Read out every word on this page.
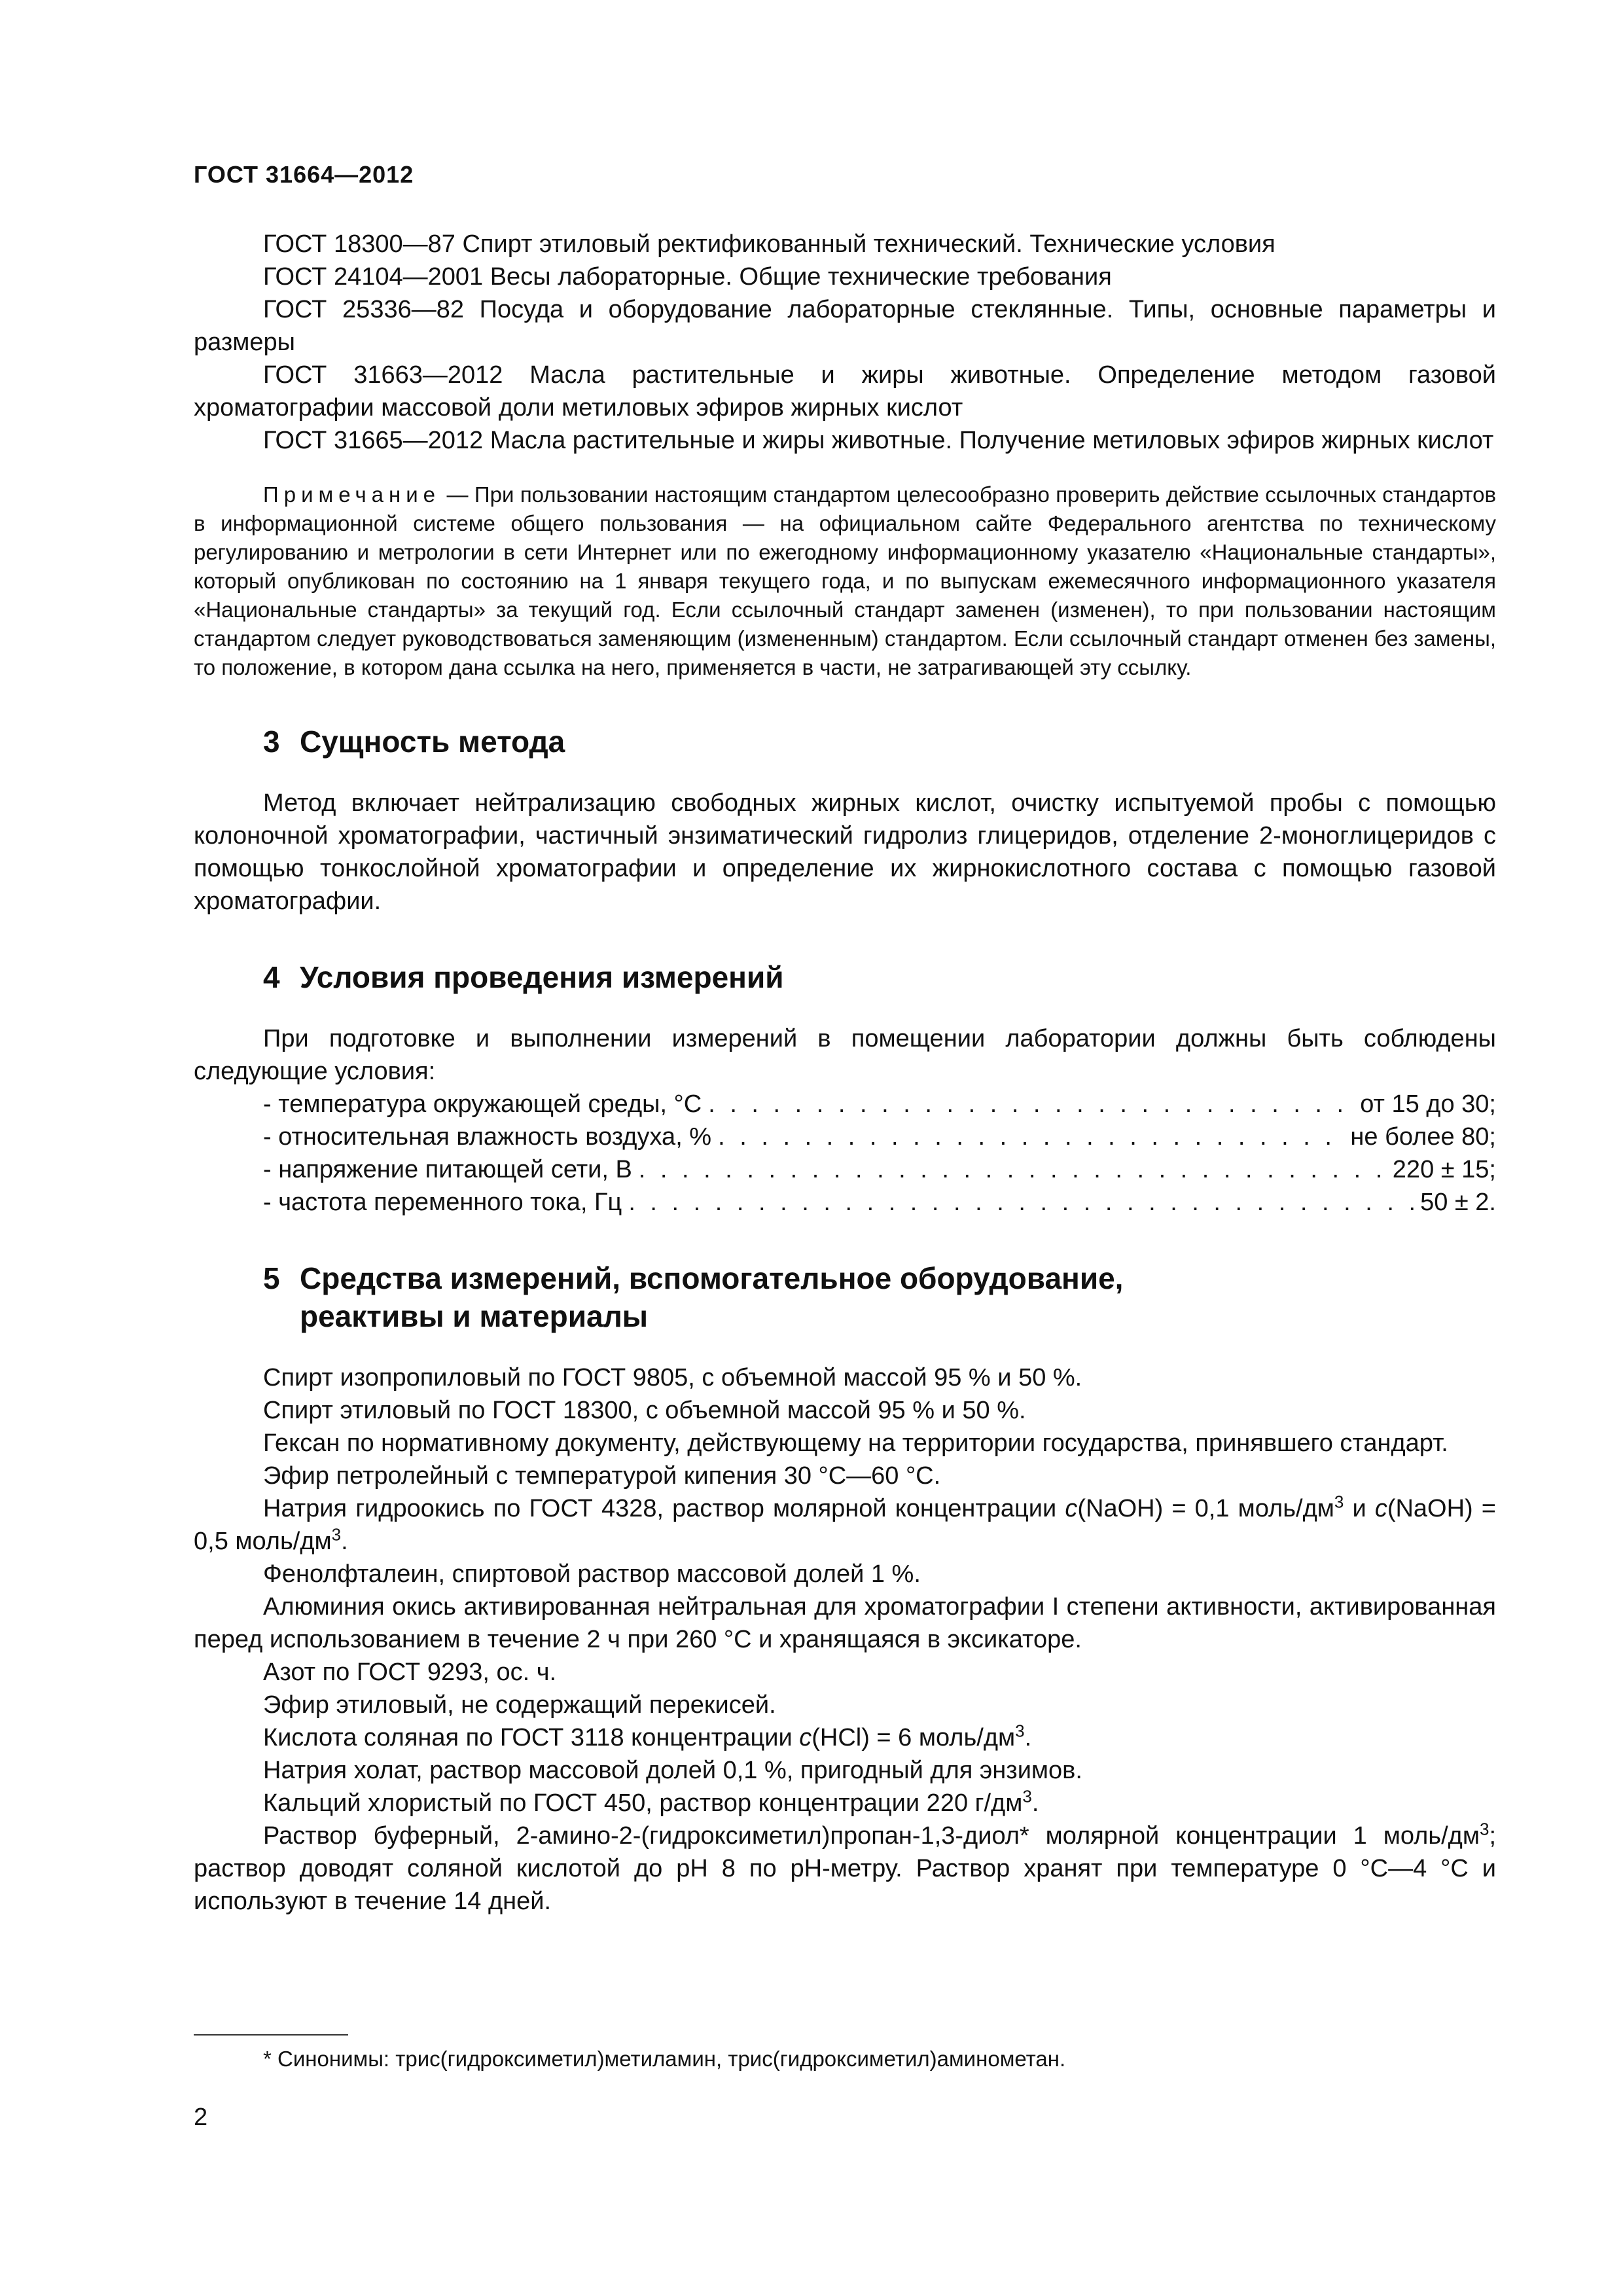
ГОСТ 31664—2012

ГОСТ 18300—87 Спирт этиловый ректификованный технический. Технические условия

ГОСТ 24104—2001 Весы лабораторные. Общие технические требования

ГОСТ 25336—82 Посуда и оборудование лабораторные стеклянные. Типы, основные параметры и размеры

ГОСТ 31663—2012 Масла растительные и жиры животные. Определение методом газовой хроматографии массовой доли метиловых эфиров жирных кислот

ГОСТ 31665—2012 Масла растительные и жиры животные. Получение метиловых эфиров жирных кислот

Примечание — При пользовании настоящим стандартом целесообразно проверить действие ссылочных стандартов в информационной системе общего пользования — на официальном сайте Федерального агентства по техническому регулированию и метрологии в сети Интернет или по ежегодному информационному указателю «Национальные стандарты», который опубликован по состоянию на 1 января текущего года, и по выпускам ежемесячного информационного указателя «Национальные стандарты» за текущий год. Если ссылочный стандарт заменен (изменен), то при пользовании настоящим стандартом следует руководствоваться заменяющим (измененным) стандартом. Если ссылочный стандарт отменен без замены, то положение, в котором дана ссылка на него, применяется в части, не затрагивающей эту ссылку.
3 Сущность метода

Метод включает нейтрализацию свободных жирных кислот, очистку испытуемой пробы с помощью колоночной хроматографии, частичный энзиматический гидролиз глицеридов, отделение 2-моноглицеридов с помощью тонкослойной хроматографии и определение их жирнокислотного состава с помощью газовой хроматографии.

4 Условия проведения измерений

При подготовке и выполнении измерений в помещении лаборатории должны быть соблюдены следующие условия:

- температура окружающей среды, °С . . .	от 15 до 30;
- относительная влажность воздуха, % . . .	не более 80;
- напряжение питающей сети, В . . .	220 ± 15;
- частота переменного тока, Гц . . .	50 ± 2.
5 Средства измерений, вспомогательное оборудование,
реактивы и материалы

Спирт изопропиловый по ГОСТ 9805, с объемной массой 95 % и 50 %.

Спирт этиловый по ГОСТ 18300, с объемной массой 95 % и 50 %.

Гексан по нормативному документу, действующему на территории государства, принявшего стандарт.

Эфир петролейный с температурой кипения 30 °С—60 °С.

Натрия гидроокись по ГОСТ 4328, раствор молярной концентрации c(NaOH) = 0,1 моль/$дм^3$ и c(NaOH) = 0,5 моль/$дм^3$.

Фенолфталеин, спиртовой раствор массовой долей 1 %.

Алюминия окись активированная нейтральная для хроматографии I степени активности, активированная перед использованием в течение 2 ч при 260 °С и хранящаяся в эксикаторе.

Азот по ГОСТ 9293, ос. ч.

Эфир этиловый, не содержащий перекисей.

Кислота соляная по ГОСТ 3118 концентрации c(HCl) = 6 моль/$дм^3$.

Натрия холат, раствор массовой долей 0,1 %, пригодный для энзимов.

Кальций хлористый по ГОСТ 450, раствор концентрации 220 $г/дм^3$.

Раствор буферный, 2-амино-2-(гидроксиметил)пропан-1,3-диол* молярной концентрации 1 моль/$дм^3$; раствор доводят соляной кислотой до pH 8 по pH-метру. Раствор хранят при температуре 0 °С—4 °С и используют в течение 14 дней.

* Синонимы: трис(гидроксиметил)метиламин, трис(гидроксиметил)аминометан.
2
